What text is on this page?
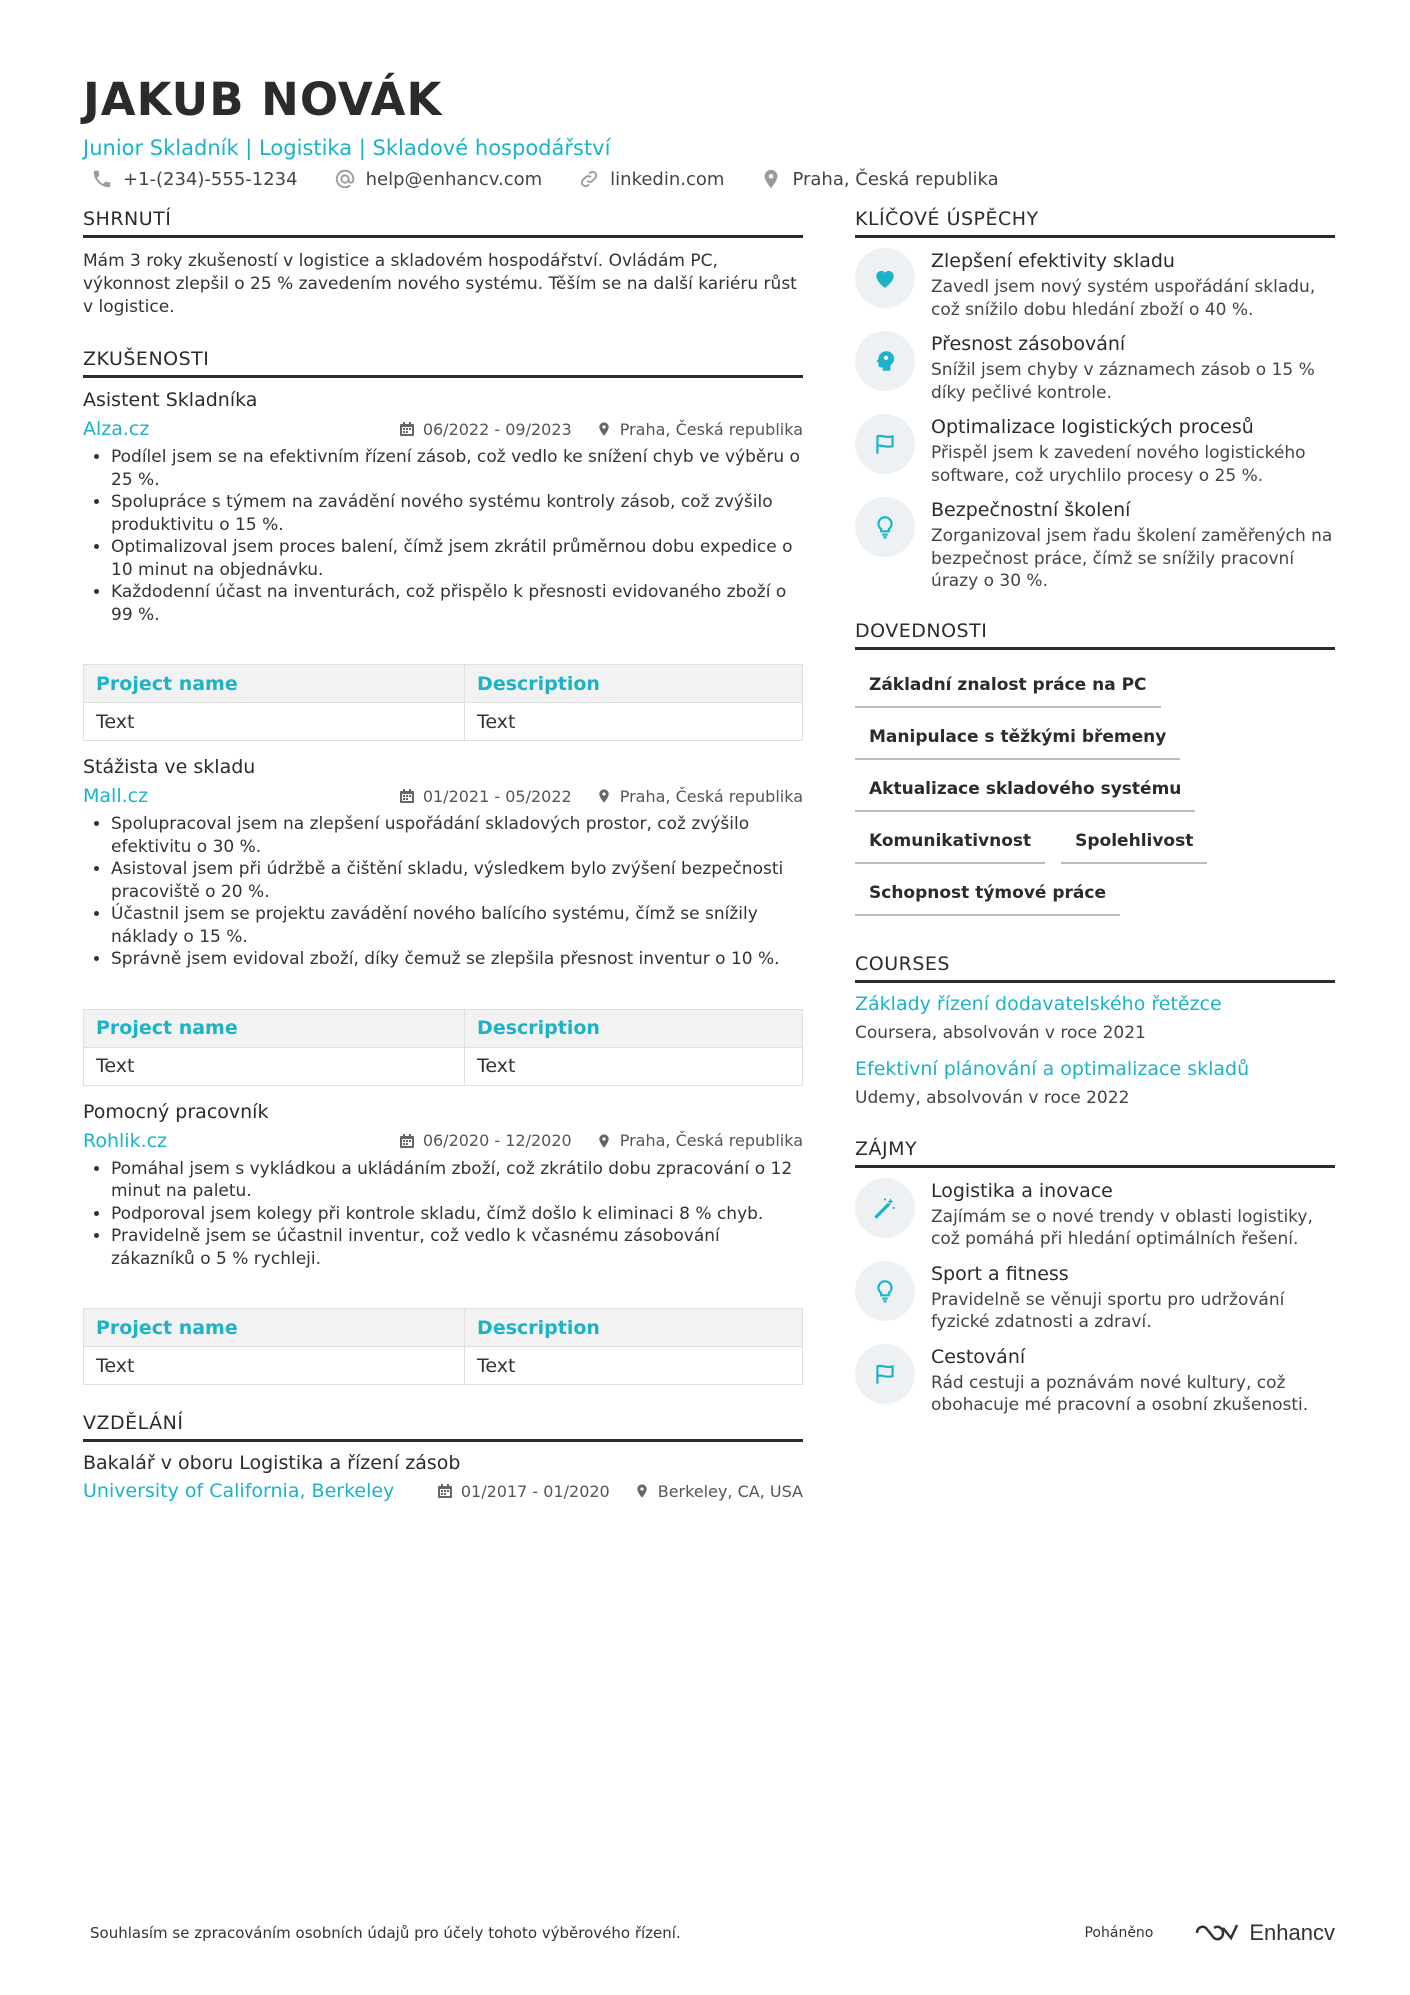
JAKUB NOVÁK
Junior Skladník | Logistika | Skladové hospodářství
+1-(234)-555-1234	help@enhancv.com	linkedin.com	Praha, Česká republika
SHRNUTÍ
Mám 3 roky zkušeností v logistice a skladovém hospodářství. Ovládám PC, výkonnost zlepšil o 25 % zavedením nového systému. Těším se na další kariéru růst v logistice.
ZKUŠENOSTI
Asistent Skladníka
Alza.cz	06/2022 - 09/2023	Praha, Česká republika
• Podílel jsem se na efektivním řízení zásob, což vedlo ke snížení chyb ve výběru o 25 %.
• Spolupráce s týmem na zavádění nového systému kontroly zásob, což zvýšilo produktivitu o 15 %.
• Optimalizoval jsem proces balení, čímž jsem zkrátil průměrnou dobu expedice o 10 minut na objednávku.
• Každodenní účast na inventurách, což přispělo k přesnosti evidovaného zboží o 99 %.
Project name	Description
Text	Text
Stážista ve skladu
Mall.cz	01/2021 - 05/2022	Praha, Česká republika
• Spolupracoval jsem na zlepšení uspořádání skladových prostor, což zvýšilo efektivitu o 30 %.
• Asistoval jsem při údržbě a čištění skladu, výsledkem bylo zvýšení bezpečnosti pracoviště o 20 %.
• Účastnil jsem se projektu zavádění nového balícího systému, čímž se snížily náklady o 15 %.
• Správně jsem evidoval zboží, díky čemuž se zlepšila přesnost inventur o 10 %.
Project name	Description
Text	Text
Pomocný pracovník
Rohlik.cz	06/2020 - 12/2020	Praha, Česká republika
• Pomáhal jsem s vykládkou a ukládáním zboží, což zkrátilo dobu zpracování o 12 minut na paletu.
• Podporoval jsem kolegy při kontrole skladu, čímž došlo k eliminaci 8 % chyb.
• Pravidelně jsem se účastnil inventur, což vedlo k včasnému zásobování zákazníků o 5 % rychleji.
Project name	Description
Text	Text
VZDĚLÁNÍ
Bakalář v oboru Logistika a řízení zásob
University of California, Berkeley	01/2017 - 01/2020	Berkeley, CA, USA
KLÍČOVÉ ÚSPĚCHY
Zlepšení efektivity skladu
Zavedl jsem nový systém uspořádání skladu, což snížilo dobu hledání zboží o 40 %.
Přesnost zásobování
Snížil jsem chyby v záznamech zásob o 15 % díky pečlivé kontrole.
Optimalizace logistických procesů
Přispěl jsem k zavedení nového logistického software, což urychlilo procesy o 25 %.
Bezpečnostní školení
Zorganizoval jsem řadu školení zaměřených na bezpečnost práce, čímž se snížily pracovní úrazy o 30 %.
DOVEDNOSTI
Základní znalost práce na PC
Manipulace s těžkými břemeny
Aktualizace skladového systému
Komunikativnost	Spolehlivost
Schopnost týmové práce
COURSES
Základy řízení dodavatelského řetězce
Coursera, absolvován v roce 2021
Efektivní plánování a optimalizace skladů
Udemy, absolvován v roce 2022
ZÁJMY
Logistika a inovace
Zajímám se o nové trendy v oblasti logistiky, což pomáhá při hledání optimálních řešení.
Sport a fitness
Pravidelně se věnuji sportu pro udržování fyzické zdatnosti a zdraví.
Cestování
Rád cestuji a poznávám nové kultury, což obohacuje mé pracovní a osobní zkušenosti.
Souhlasím se zpracováním osobních údajů pro účely tohoto výběrového řízení.	Poháněno	Enhancv
